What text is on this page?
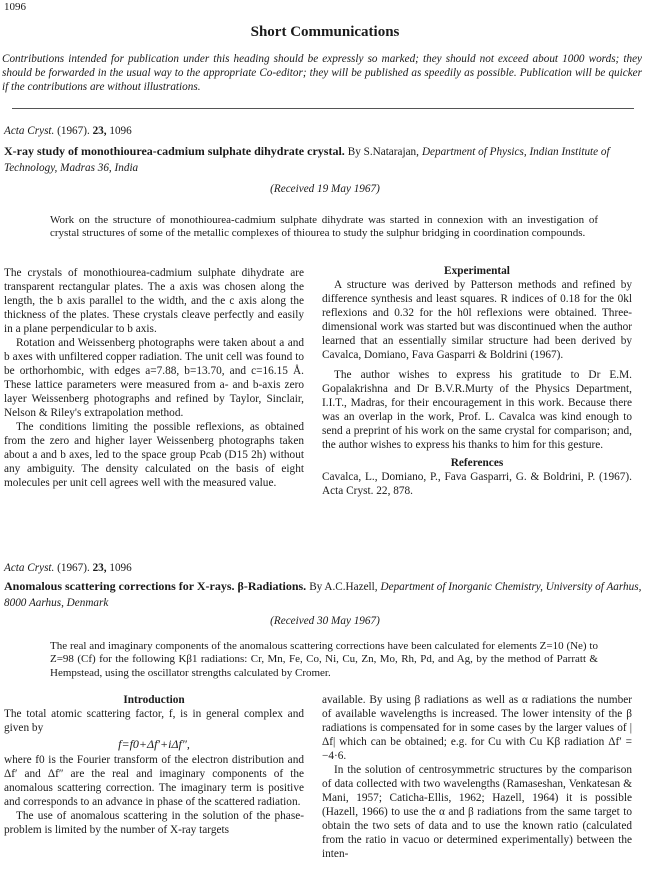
1096
Short Communications
Contributions intended for publication under this heading should be expressly so marked; they should not exceed about 1000 words; they should be forwarded in the usual way to the appropriate Co-editor; they will be published as speedily as possible. Publication will be quicker if the contributions are without illustrations.
Acta Cryst. (1967). 23, 1096
X-ray study of monothiourea-cadmium sulphate dihydrate crystal. By S.Natarajan, Department of Physics, Indian Institute of Technology, Madras 36, India
(Received 19 May 1967)
Work on the structure of monothiourea-cadmium sulphate dihydrate was started in connexion with an investigation of crystal structures of some of the metallic complexes of thiourea to study the sulphur bridging in coordination compounds.

The crystals of monothiourea-cadmium sulphate dihydrate are transparent rectangular plates. The a axis was chosen along the length, the b axis parallel to the width, and the c axis along the thickness of the plates. These crystals cleave perfectly and easily in a plane perpendicular to b axis.

Rotation and Weissenberg photographs were taken about a and b axes with unfiltered copper radiation. The unit cell was found to be orthorhombic, with edges a=7.88, b=13.70, and c=16.15 Å. These lattice parameters were measured from a- and b-axis zero layer Weissenberg photographs and refined by Taylor, Sinclair, Nelson & Riley's extrapolation method.

The conditions limiting the possible reflexions, as obtained from the zero and higher layer Weissenberg photographs taken about a and b axes, led to the space group Pcab (D15 2h) without any ambiguity. The density calculated on the basis of eight molecules per unit cell agrees well with the measured value.

Experimental

A structure was derived by Patterson methods and refined by difference synthesis and least squares. R indices of 0.18 for the 0kl reflexions and 0.32 for the h0l reflexions were obtained. Three-dimensional work was started but was discontinued when the author learned that an essentially similar structure had been derived by Cavalca, Domiano, Fava Gasparri & Boldrini (1967).

The author wishes to express his gratitude to Dr E.M. Gopalakrishna and Dr B.V.R.Murty of the Physics Department, I.I.T., Madras, for their encouragement in this work. Because there was an overlap in the work, Prof. L. Cavalca was kind enough to send a preprint of his work on the same crystal for comparison; and, the author wishes to express his thanks to him for this gesture.

References

Cavalca, L., Domiano, P., Fava Gasparri, G. & Boldrini, P. (1967). Acta Cryst. 22, 878.

Acta Cryst. (1967). 23, 1096
Anomalous scattering corrections for X-rays. β-Radiations. By A.C.Hazell, Department of Inorganic Chemistry, University of Aarhus, 8000 Aarhus, Denmark
(Received 30 May 1967)
The real and imaginary components of the anomalous scattering corrections have been calculated for elements Z=10 (Ne) to Z=98 (Cf) for the following Kβ1 radiations: Cr, Mn, Fe, Co, Ni, Cu, Zn, Mo, Rh, Pd, and Ag, by the method of Parratt & Hempstead, using the oscillator strengths calculated by Cromer.
Introduction

The total atomic scattering factor, f, is in general complex and given by

f=f0+Δf′+iΔf″,

where f0 is the Fourier transform of the electron distribution and Δf′ and Δf″ are the real and imaginary components of the anomalous scattering correction. The imaginary term is positive and corresponds to an advance in phase of the scattered radiation.

The use of anomalous scattering in the solution of the phase-problem is limited by the number of X-ray targets

available. By using β radiations as well as α radiations the number of available wavelengths is increased. The lower intensity of the β radiations is compensated for in some cases by the larger values of |Δf| which can be obtained; e.g. for Cu with Cu Kβ radiation Δf′ = −4·6.

In the solution of centrosymmetric structures by the comparison of data collected with two wavelengths (Ramaseshan, Venkatesan & Mani, 1957; Caticha-Ellis, 1962; Hazell, 1964) it is possible (Hazell, 1966) to use the α and β radiations from the same target to obtain the two sets of data and to use the known ratio (calculated from the ratio in vacuo or determined experimentally) between the inten-
